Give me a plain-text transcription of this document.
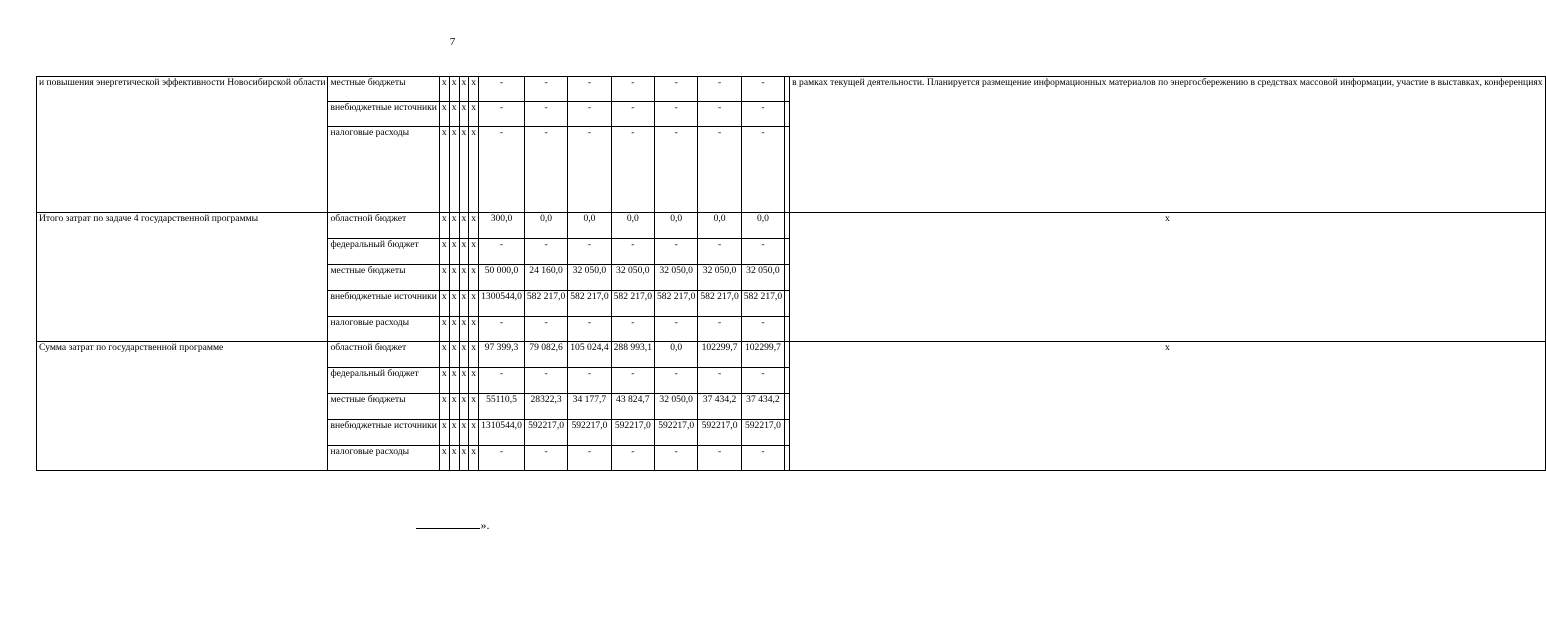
7
и повышения энергетической эффективности Новосибирской области	местные бюджеты	х	х	х	х	-	-	-	-	-	-	-		в рамках текущей деятельности. Планируется размещение информационных материалов по энергосбережению в средствах массовой информации, участие в выставках, конференциях
	внебюджетные источники	х	х	х	х	-	-	-	-	-	-	-		
	налоговые расходы	х	х	х	х	-	-	-	-	-	-	-		
Итого затрат по задаче 4 государственной программы	областной бюджет	х	х	х	х	300,0	0,0	0,0	0,0	0,0	0,0	0,0		х
	федеральный бюджет	х	х	х	х	-	-	-	-	-	-	-		
	местные бюджеты	х	х	х	х	50 000,0	24 160,0	32 050,0	32 050,0	32 050,0	32 050,0	32 050,0		
	внебюджетные источники	х	х	х	х	1300544,0	582 217,0	582 217,0	582 217,0	582 217,0	582 217,0	582 217,0		
	налоговые расходы	х	х	х	х	-	-	-	-	-	-	-		
Сумма затрат по государственной программе	областной бюджет	х	х	х	х	97 399,3	79 082,6	105 024,4	288 993,1	0,0	102299,7	102299,7		х
	федеральный бюджет	х	х	х	х	-	-	-	-	-	-	-		
	местные бюджеты	х	х	х	х	55110,5	28322,3	34 177,7	43 824,7	32 050,0	37 434,2	37 434,2		
	внебюджетные источники	х	х	х	х	1310544,0	592217,0	592217,0	592217,0	592217,0	592217,0	592217,0		
	налоговые расходы	х	х	х	х	-	-	-	-	-	-	-		
».
